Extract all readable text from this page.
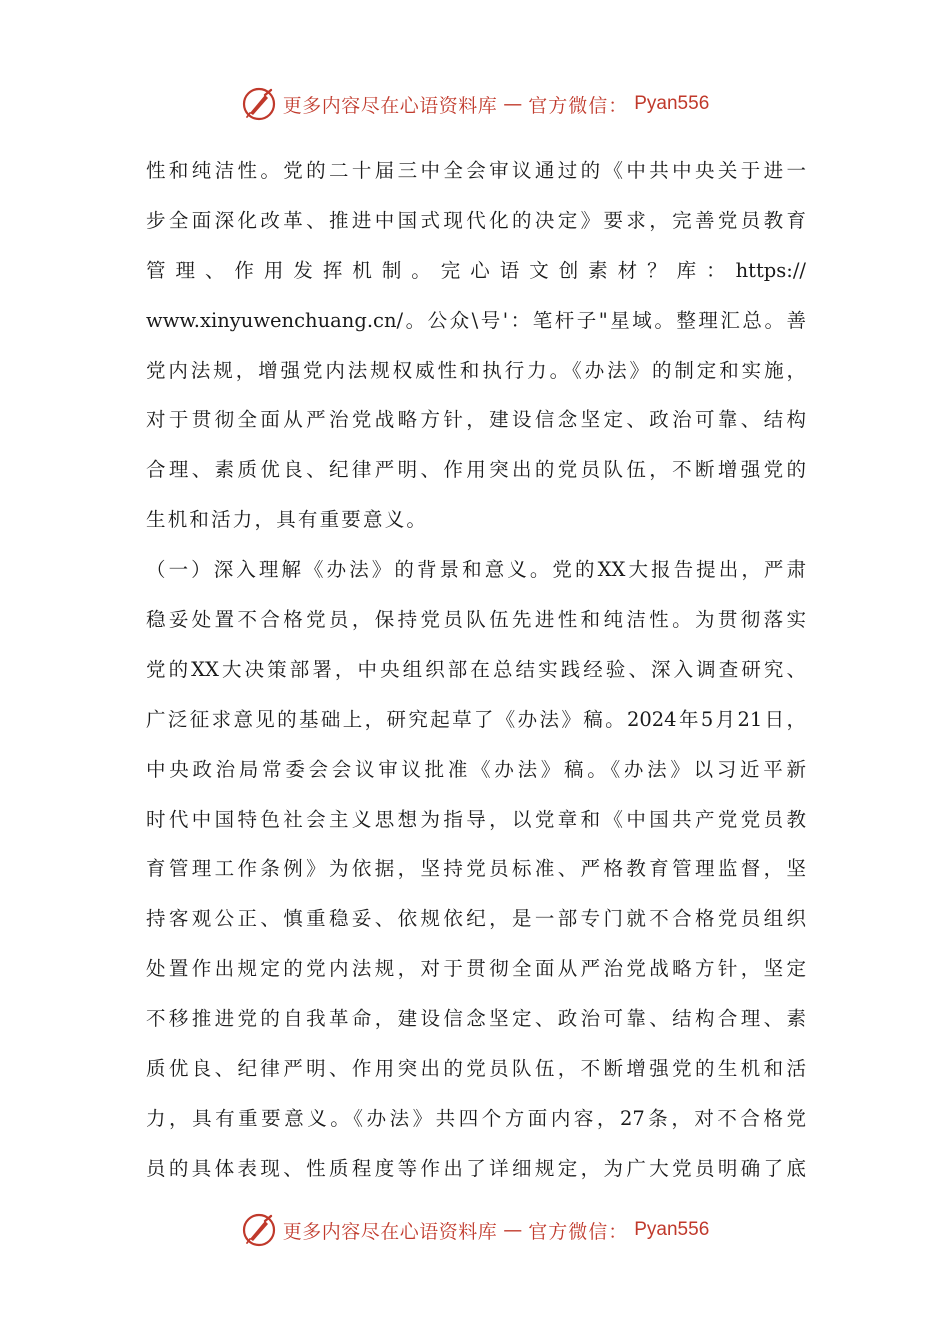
更多内容尽在心语资料库 — 官方微信： Pyan556
性和纯洁性。党的二十届三中全会审议通过的《中共中央关于进一
步全面深化改革、推进中国式现代化的决定》要求，完善党员教育
管理、作用发挥机制。完心语文创素材？库：https://
www.xinyuwenchuang.cn/。公众\号'：笔杆子"星域。整理汇总。善
党内法规，增强党内法规权威性和执行力。《办法》的制定和实施，
对于贯彻全面从严治党战略方针，建设信念坚定、政治可靠、结构
合理、素质优良、纪律严明、作用突出的党员队伍，不断增强党的
生机和活力，具有重要意义。
（一）深入理解《办法》的背景和意义。党的XX大报告提出，严肃
稳妥处置不合格党员，保持党员队伍先进性和纯洁性。为贯彻落实
党的XX大决策部署，中央组织部在总结实践经验、深入调查研究、
广泛征求意见的基础上，研究起草了《办法》稿。2024年5月21日，
中央政治局常委会会议审议批准《办法》稿。《办法》以习近平新
时代中国特色社会主义思想为指导，以党章和《中国共产党党员教
育管理工作条例》为依据，坚持党员标准、严格教育管理监督，坚
持客观公正、慎重稳妥、依规依纪，是一部专门就不合格党员组织
处置作出规定的党内法规，对于贯彻全面从严治党战略方针，坚定
不移推进党的自我革命，建设信念坚定、政治可靠、结构合理、素
质优良、纪律严明、作用突出的党员队伍，不断增强党的生机和活
力，具有重要意义。《办法》共四个方面内容，27条，对不合格党
员的具体表现、性质程度等作出了详细规定，为广大党员明确了底
更多内容尽在心语资料库 — 官方微信： Pyan556
